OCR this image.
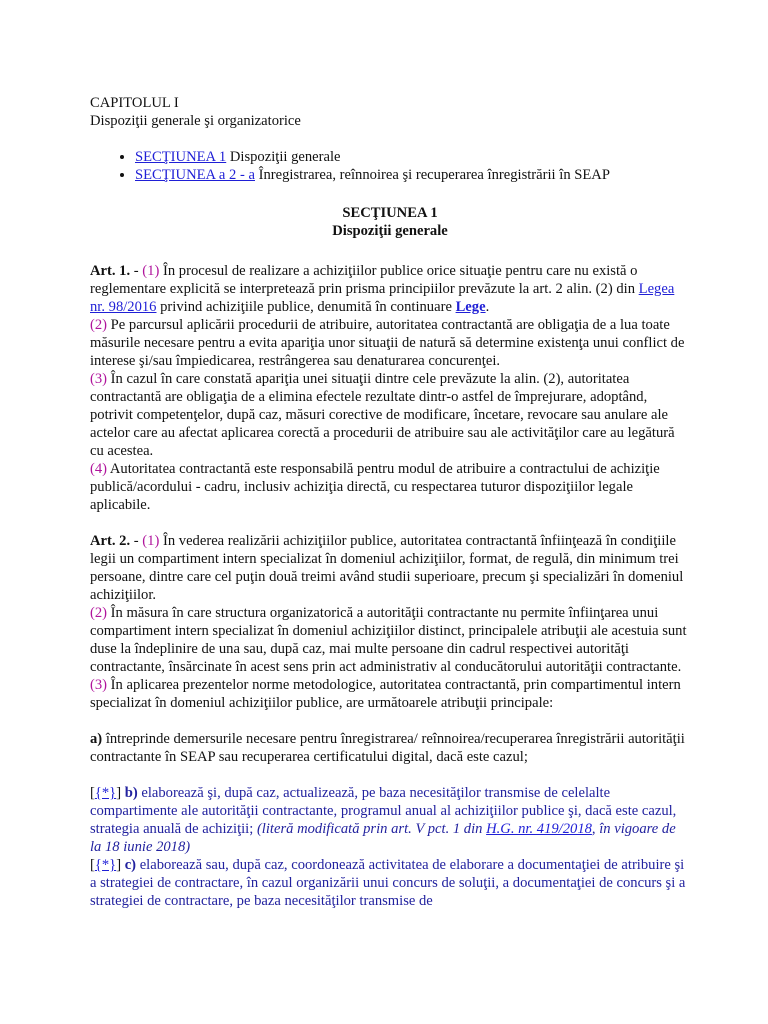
CAPITOLUL I

Dispoziţii generale şi organizatorice

• SECŢIUNEA 1 Dispoziţii generale
• SECŢIUNEA a 2 - a Înregistrarea, reînnoirea şi recuperarea înregistrării în SEAP

SECŢIUNEA 1

Dispoziţii generale

Art. 1. - (1) În procesul de realizare a achiziţiilor publice orice situaţie pentru care nu există o reglementare explicită se interpretează prin prisma principiilor prevăzute la art. 2 alin. (2) din Legea nr. 98/2016 privind achiziţiile publice, denumită în continuare Lege.

(2) Pe parcursul aplicării procedurii de atribuire, autoritatea contractantă are obligaţia de a lua toate măsurile necesare pentru a evita apariţia unor situaţii de natură să determine existenţa unui conflict de interese şi/sau împiedicarea, restrângerea sau denaturarea concurenţei.

(3) În cazul în care constată apariţia unei situaţii dintre cele prevăzute la alin. (2), autoritatea contractantă are obligaţia de a elimina efectele rezultate dintr-o astfel de împrejurare, adoptând, potrivit competenţelor, după caz, măsuri corective de modificare, încetare, revocare sau anulare ale actelor care au afectat aplicarea corectă a procedurii de atribuire sau ale activităţilor care au legătură cu acestea.

(4) Autoritatea contractantă este responsabilă pentru modul de atribuire a contractului de achiziţie publică/acordului - cadru, inclusiv achiziţia directă, cu respectarea tuturor dispoziţiilor legale aplicabile.

Art. 2. - (1) În vederea realizării achiziţiilor publice, autoritatea contractantă înfiinţează în condiţiile legii un compartiment intern specializat în domeniul achiziţiilor, format, de regulă, din minimum trei persoane, dintre care cel puţin două treimi având studii superioare, precum şi specializări în domeniul achiziţiilor.

(2) În măsura în care structura organizatorică a autorităţii contractante nu permite înfiinţarea unui compartiment intern specializat în domeniul achiziţiilor distinct, principalele atribuţii ale acestuia sunt duse la îndeplinire de una sau, după caz, mai multe persoane din cadrul respectivei autorităţi contractante, însărcinate în acest sens prin act administrativ al conducătorului autorităţii contractante.

(3) În aplicarea prezentelor norme metodologice, autoritatea contractantă, prin compartimentul intern specializat în domeniul achiziţiilor publice, are următoarele atribuţii principale:

a) întreprinde demersurile necesare pentru înregistrarea/ reînnoirea/recuperarea înregistrării autorităţii contractante în SEAP sau recuperarea certificatului digital, dacă este cazul;

[{*}] b) elaborează şi, după caz, actualizează, pe baza necesităţilor transmise de celelalte compartimente ale autorităţii contractante, programul anual al achiziţiilor publice şi, dacă este cazul, strategia anuală de achiziţii; (literă modificată prin art. V pct. 1 din H.G. nr. 419/2018, în vigoare de la 18 iunie 2018)

[{*}] c) elaborează sau, după caz, coordonează activitatea de elaborare a documentaţiei de atribuire şi a strategiei de contractare, în cazul organizării unui concurs de soluţii, a documentaţiei de concurs şi a strategiei de contractare, pe baza necesităţilor transmise de
